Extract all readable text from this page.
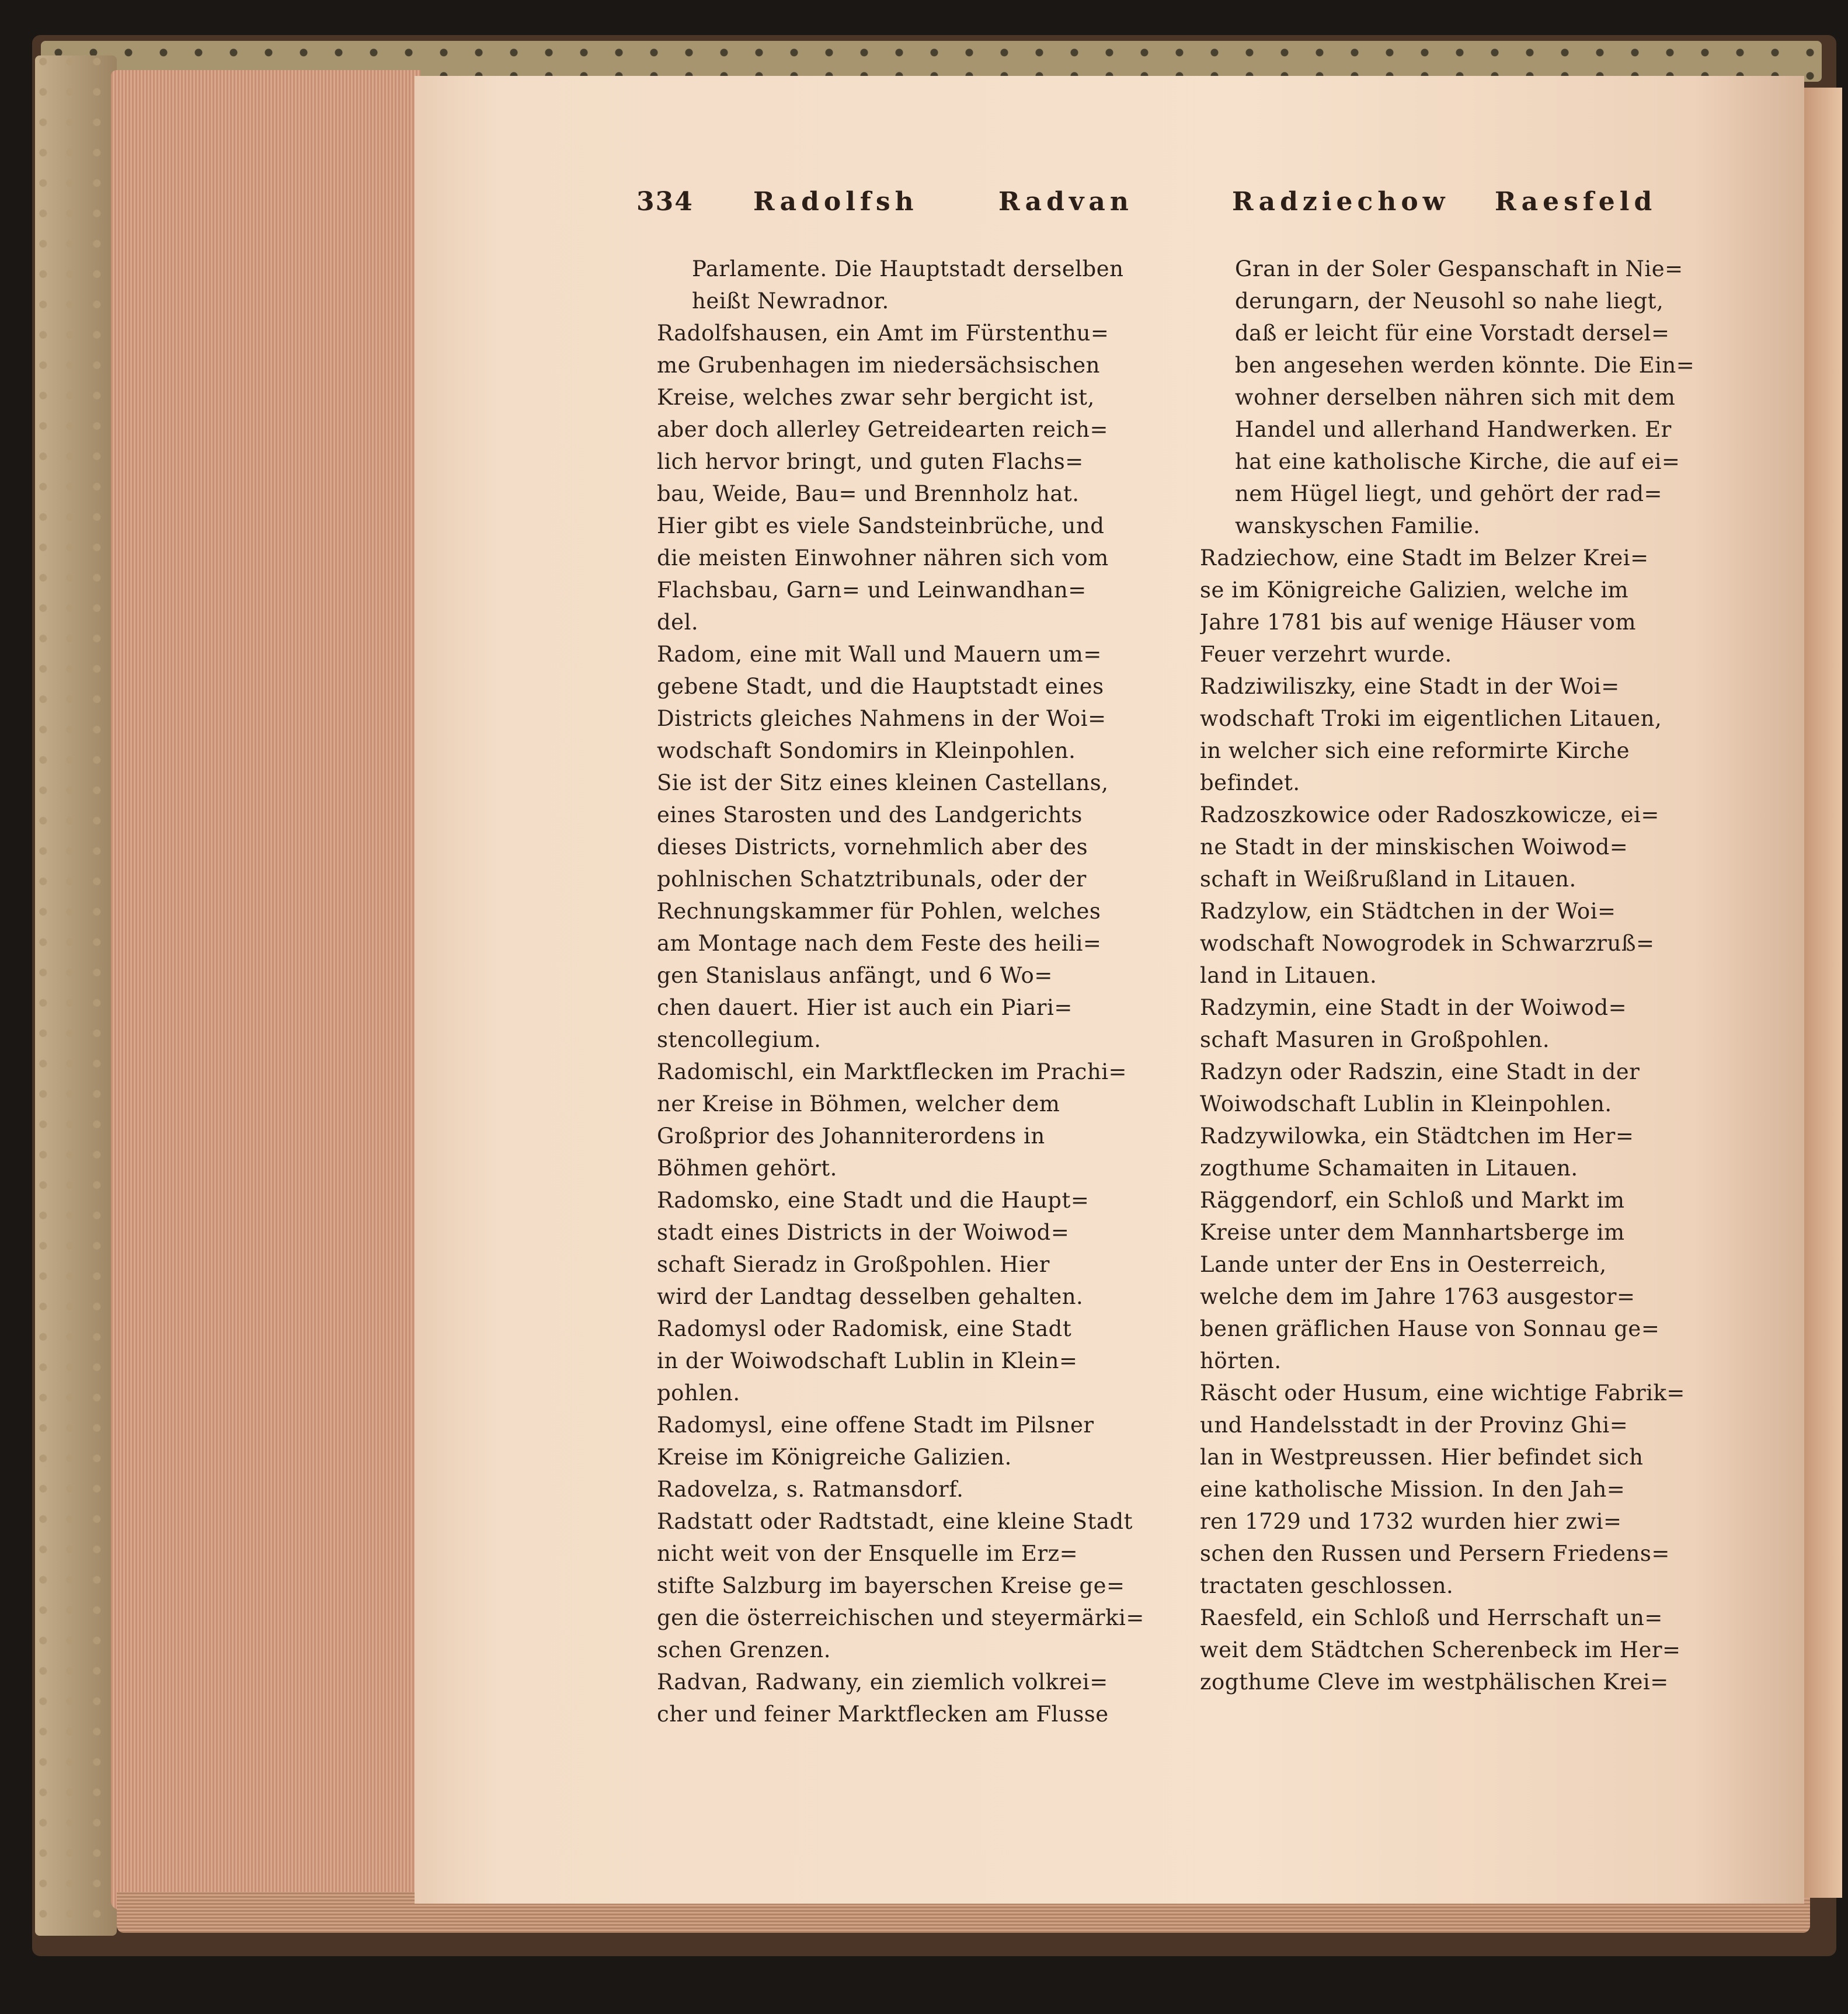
334 Radolfsh	Radvan	Radziechow Raesfeld
Parlamente. Die Hauptstadt derselben
heißt Newradnor.
Radolfshausen, ein Amt im Fürstenthu=
me Grubenhagen im niedersächsischen
Kreise, welches zwar sehr bergicht ist,
aber doch allerley Getreidearten reich=
lich hervor bringt, und guten Flachs=
bau, Weide, Bau= und Brennholz hat.
Hier gibt es viele Sandsteinbrüche, und
die meisten Einwohner nähren sich vom
Flachsbau, Garn= und Leinwandhan=
del.
Radom, eine mit Wall und Mauern um=
gebene Stadt, und die Hauptstadt eines
Districts gleiches Nahmens in der Woi=
wodschaft Sondomirs in Kleinpohlen.
Sie ist der Sitz eines kleinen Castellans,
eines Starosten und des Landgerichts
dieses Districts, vornehmlich aber des
pohlnischen Schatztribunals, oder der
Rechnungskammer für Pohlen, welches
am Montage nach dem Feste des heili=
gen Stanislaus anfängt, und 6 Wo=
chen dauert. Hier ist auch ein Piari=
stencollegium.
Radomischl, ein Marktflecken im Prachi=
ner Kreise in Böhmen, welcher dem
Großprior des Johanniterordens in
Böhmen gehört.
Radomsko, eine Stadt und die Haupt=
stadt eines Districts in der Woiwod=
schaft Sieradz in Großpohlen. Hier
wird der Landtag desselben gehalten.
Radomysl oder Radomisk, eine Stadt
in der Woiwodschaft Lublin in Klein=
pohlen.
Radomysl, eine offene Stadt im Pilsner
Kreise im Königreiche Galizien.
Radovelza, s. Ratmansdorf.
Radstatt oder Radtstadt, eine kleine Stadt
nicht weit von der Ensquelle im Erz=
stifte Salzburg im bayerschen Kreise ge=
gen die österreichischen und steyermärki=
schen Grenzen.
Radvan, Radwany, ein ziemlich volkrei=
cher und feiner Marktflecken am Flusse
Gran in der Soler Gespanschaft in Nie=
derungarn, der Neusohl so nahe liegt,
daß er leicht für eine Vorstadt dersel=
ben angesehen werden könnte. Die Ein=
wohner derselben nähren sich mit dem
Handel und allerhand Handwerken. Er
hat eine katholische Kirche, die auf ei=
nem Hügel liegt, und gehört der rad=
wanskyschen Familie.
Radziechow, eine Stadt im Belzer Krei=
se im Königreiche Galizien, welche im
Jahre 1781 bis auf wenige Häuser vom
Feuer verzehrt wurde.
Radziwiliszky, eine Stadt in der Woi=
wodschaft Troki im eigentlichen Litauen,
in welcher sich eine reformirte Kirche
befindet.
Radzoszkowice oder Radoszkowicze, ei=
ne Stadt in der minskischen Woiwod=
schaft in Weißrußland in Litauen.
Radzylow, ein Städtchen in der Woi=
wodschaft Nowogrodek in Schwarzruß=
land in Litauen.
Radzymin, eine Stadt in der Woiwod=
schaft Masuren in Großpohlen.
Radzyn oder Radszin, eine Stadt in der
Woiwodschaft Lublin in Kleinpohlen.
Radzywilowka, ein Städtchen im Her=
zogthume Schamaiten in Litauen.
Räggendorf, ein Schloß und Markt im
Kreise unter dem Mannhartsberge im
Lande unter der Ens in Oesterreich,
welche dem im Jahre 1763 ausgestor=
benen gräflichen Hause von Sonnau ge=
hörten.
Räscht oder Husum, eine wichtige Fabrik=
und Handelsstadt in der Provinz Ghi=
lan in Westpreussen. Hier befindet sich
eine katholische Mission. In den Jah=
ren 1729 und 1732 wurden hier zwi=
schen den Russen und Persern Friedens=
tractaten geschlossen.
Raesfeld, ein Schloß und Herrschaft un=
weit dem Städtchen Scherenbeck im Her=
zogthume Cleve im westphälischen Krei=
